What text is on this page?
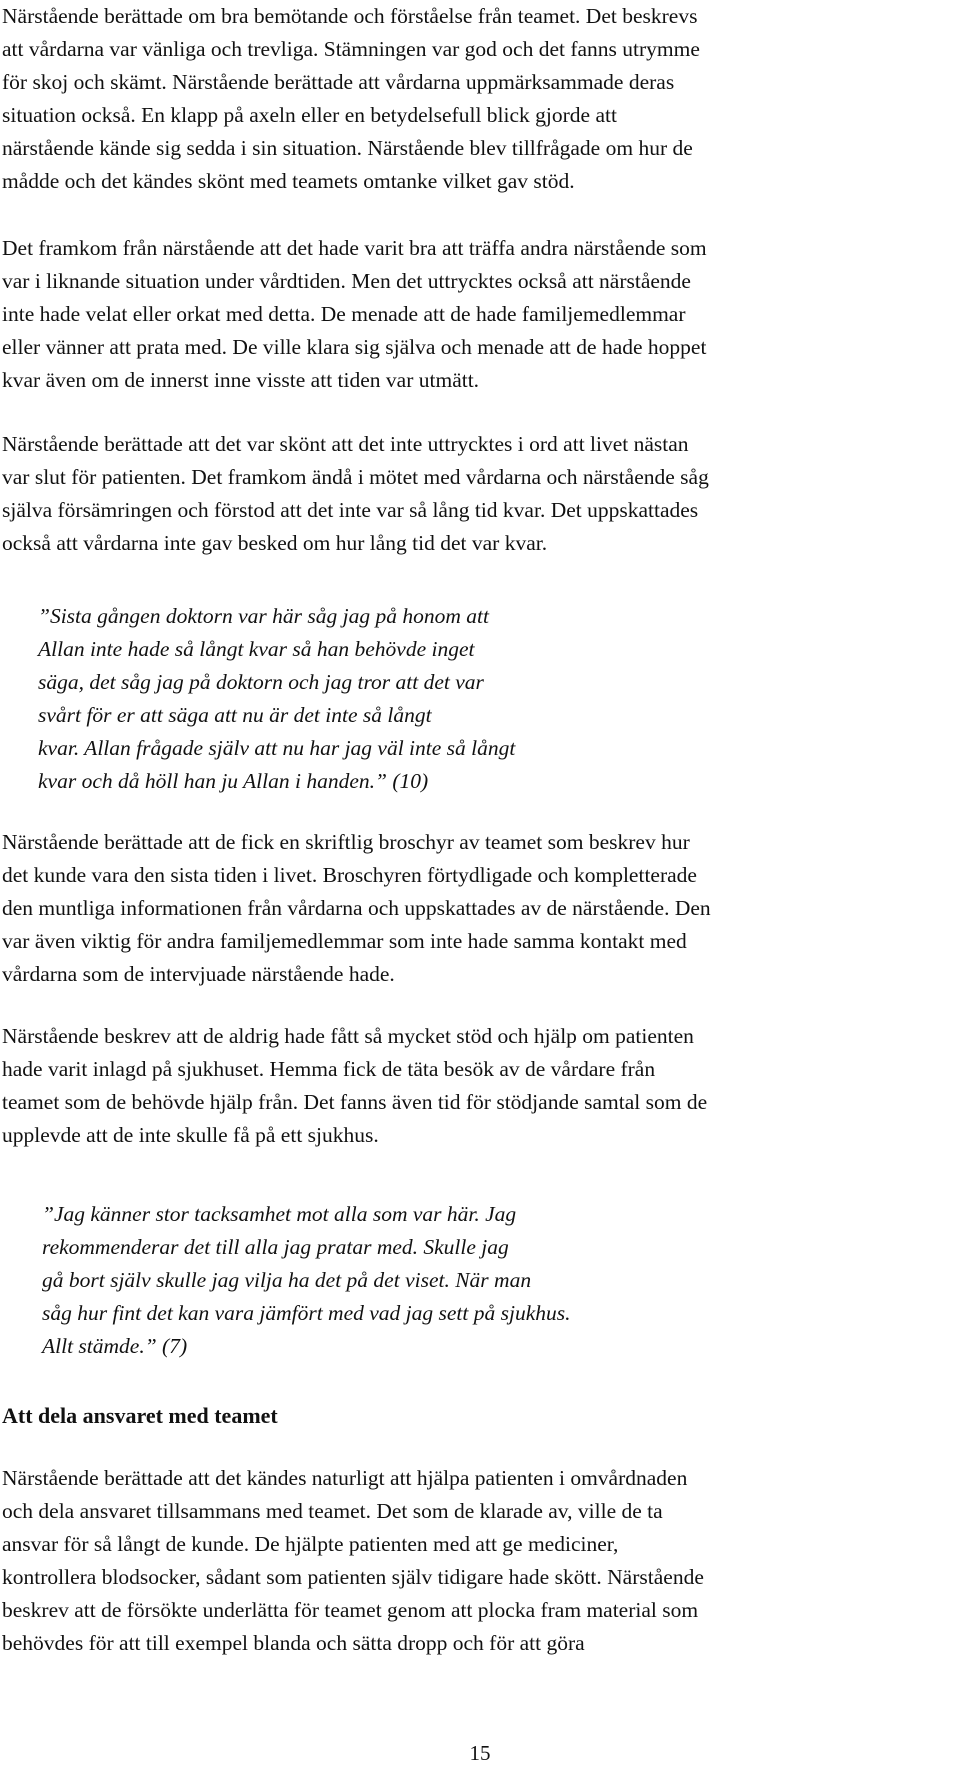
Närstående berättade om bra bemötande och förståelse från teamet. Det beskrevs
att vårdarna var vänliga och trevliga. Stämningen var god och det fanns utrymme
för skoj och skämt. Närstående berättade att vårdarna uppmärksammade deras
situation också. En klapp på axeln eller en betydelsefull blick gjorde att
närstående kände sig sedda i sin situation. Närstående blev tillfrågade om hur de
mådde och det kändes skönt med teamets omtanke vilket gav stöd.

Det framkom från närstående att det hade varit bra att träffa andra närstående som
var i liknande situation under vårdtiden. Men det uttrycktes också att närstående
inte hade velat eller orkat med detta. De menade att de hade familjemedlemmar
eller vänner att prata med. De ville klara sig själva och menade att de hade hoppet
kvar även om de innerst inne visste att tiden var utmätt.

Närstående berättade att det var skönt att det inte uttrycktes i ord att livet nästan
var slut för patienten. Det framkom ändå i mötet med vårdarna och närstående såg
själva försämringen och förstod att det inte var så lång tid kvar. Det uppskattades
också att vårdarna inte gav besked om hur lång tid det var kvar.

”Sista gången doktorn var här såg jag på honom att
Allan inte hade så långt kvar så han behövde inget
säga, det såg jag på doktorn och jag tror att det var
svårt för er att säga att nu är det inte så långt
kvar. Allan frågade själv att nu har jag väl inte så långt
kvar och då höll han ju Allan i handen.” (10)

Närstående berättade att de fick en skriftlig broschyr av teamet som beskrev hur
det kunde vara den sista tiden i livet. Broschyren förtydligade och kompletterade
den muntliga informationen från vårdarna och uppskattades av de närstående. Den
var även viktig för andra familjemedlemmar som inte hade samma kontakt med
vårdarna som de intervjuade närstående hade.

Närstående beskrev att de aldrig hade fått så mycket stöd och hjälp om patienten
hade varit inlagd på sjukhuset. Hemma fick de täta besök av de vårdare från
teamet som de behövde hjälp från. Det fanns även tid för stödjande samtal som de
upplevde att de inte skulle få på ett sjukhus.

”Jag känner stor tacksamhet mot alla som var här. Jag
rekommenderar det till alla jag pratar med. Skulle jag
gå bort själv skulle jag vilja ha det på det viset. När man
såg hur fint det kan vara jämfört med vad jag sett på sjukhus.
Allt stämde.” (7)
Att dela ansvaret med teamet

Närstående berättade att det kändes naturligt att hjälpa patienten i omvårdnaden
och dela ansvaret tillsammans med teamet. Det som de klarade av, ville de ta
ansvar för så långt de kunde. De hjälpte patienten med att ge mediciner,
kontrollera blodsocker, sådant som patienten själv tidigare hade skött. Närstående
beskrev att de försökte underlätta för teamet genom att plocka fram material som
behövdes för att till exempel blanda och sätta dropp och för att göra

15
